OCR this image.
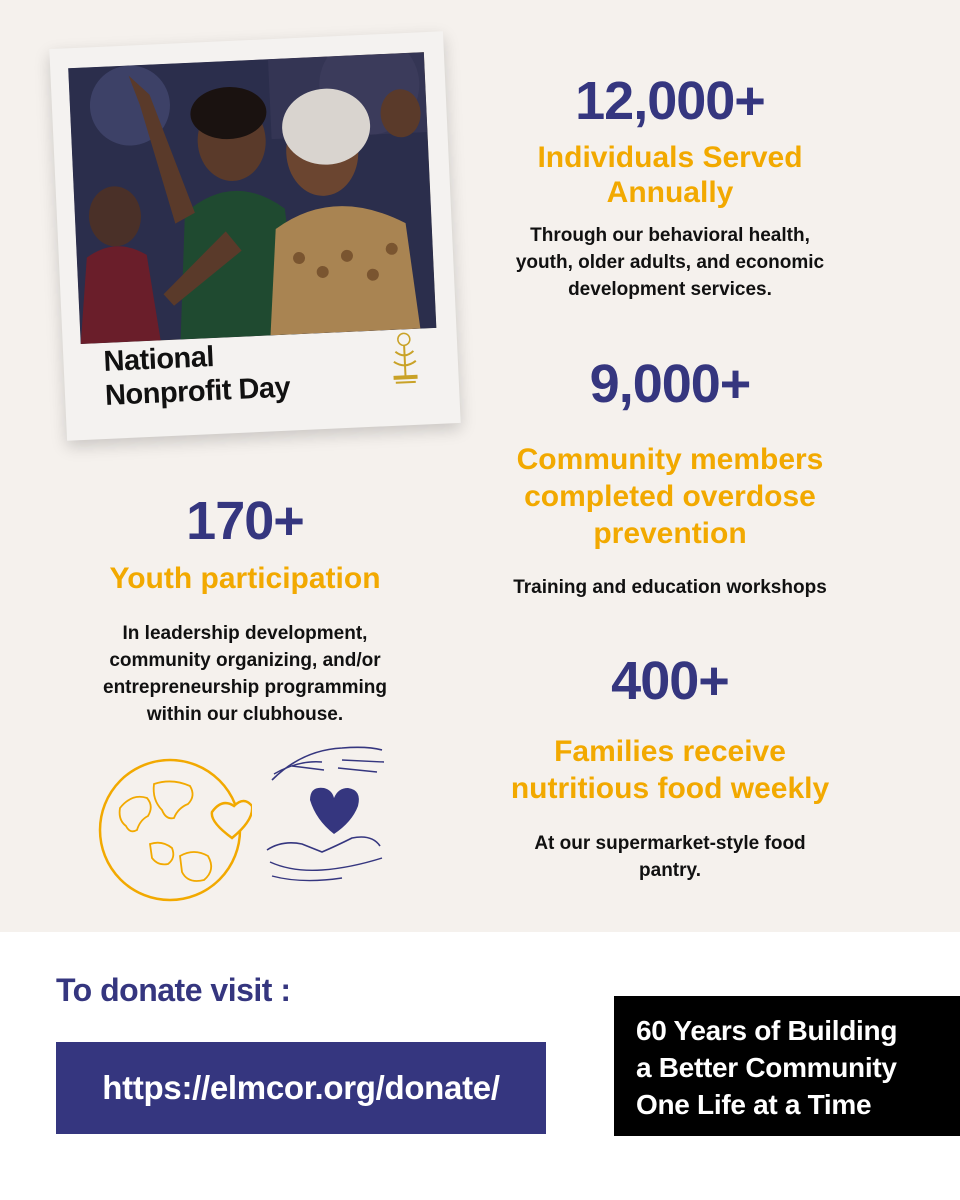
National
Nonprofit Day
12,000+
Individuals Served
Annually
Through our behavioral health,
youth, older adults, and economic
development services.
9,000+
Community members
completed overdose
prevention
Training and education workshops
170+
Youth participation
In leadership development,
community organizing, and/or
entrepreneurship programming
within our clubhouse.
400+
Families receive
nutritious food weekly
At our supermarket-style food
pantry.
To donate visit :
https://elmcor.org/donate/
60 Years of Building
a Better Community
One Life at a Time
